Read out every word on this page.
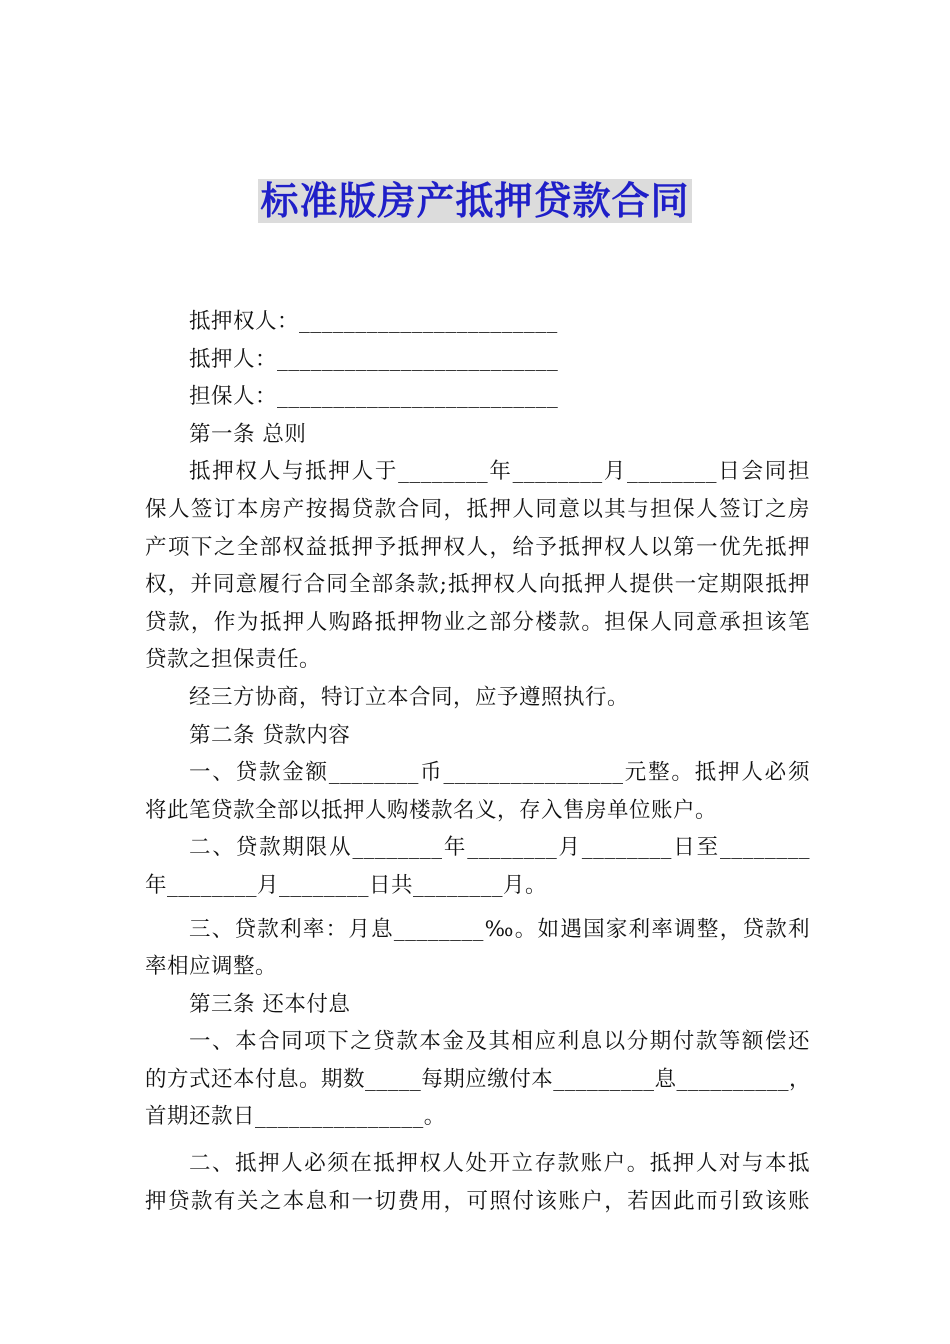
标准版房产抵押贷款合同
抵押权人：_______________________
抵押人：_________________________
担保人：_________________________
第一条 总则
抵押权人与抵押人于________年________月________日会同担
保人签订本房产按揭贷款合同，抵押人同意以其与担保人签订之房
产项下之全部权益抵押予抵押权人，给予抵押权人以第一优先抵押
权，并同意履行合同全部条款;抵押权人向抵押人提供一定期限抵押
贷款，作为抵押人购路抵押物业之部分楼款。担保人同意承担该笔
贷款之担保责任。
经三方协商，特订立本合同，应予遵照执行。
第二条 贷款内容
一、贷款金额________币________________元整。抵押人必须
将此笔贷款全部以抵押人购楼款名义，存入售房单位账户。
二、贷款期限从________年________月________日至________
年________月________日共________月。
三、贷款利率：月息________‰。如遇国家利率调整，贷款利
率相应调整。
第三条 还本付息
一、本合同项下之贷款本金及其相应利息以分期付款等额偿还
的方式还本付息。期数_____每期应缴付本_________息__________，
首期还款日_______________。
二、抵押人必须在抵押权人处开立存款账户。抵押人对与本抵
押贷款有关之本息和一切费用，可照付该账户，若因此而引致该账
